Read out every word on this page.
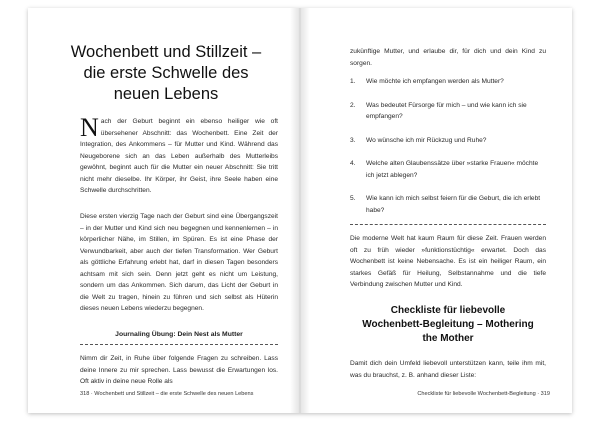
Wochenbett und Stillzeit –
die erste Schwelle des
neuen Lebens

Nach der Geburt beginnt ein ebenso heiliger wie oft übersehener Abschnitt: das Wochenbett. Eine Zeit der Integration, des Ankommens – für Mutter und Kind. Während das Neugeborene sich an das Leben außerhalb des Mutterleibs gewöhnt, beginnt auch für die Mutter ein neuer Abschnitt: Sie tritt nicht mehr dieselbe. Ihr Körper, ihr Geist, ihre Seele haben eine Schwelle durchschritten.

Diese ersten vierzig Tage nach der Geburt sind eine Übergangszeit – in der Mutter und Kind sich neu begegnen und kennenlernen – in körperlicher Nähe, im Stillen, im Spüren. Es ist eine Phase der Verwundbarkeit, aber auch der tiefen Transformation. Wer Geburt als göttliche Erfahrung erlebt hat, darf in diesen Tagen besonders achtsam mit sich sein. Denn jetzt geht es nicht um Leistung, sondern um das Ankommen. Sich darum, das Licht der Geburt in die Welt zu tragen, hinein zu führen und sich selbst als Hüterin dieses neuen Lebens wiederzu begegnen.

Journaling Übung: Dein Nest als Mutter

Nimm dir Zeit, in Ruhe über folgende Fragen zu schreiben. Lass deine Innere zu mir sprechen. Lass bewusst die Erwartungen los. Oft aktiv in deine neue Rolle als

318 · Wochenbett und Stillzeit – die erste Schwelle des neuen Lebens

zukünftige Mutter, und erlaube dir, für dich und dein Kind zu sorgen.

1. Wie möchte ich empfangen werden als Mutter?
2. Was bedeutet Fürsorge für mich – und wie kann ich sie empfangen?
3. Wo wünsche ich mir Rückzug und Ruhe?
4. Welche alten Glaubenssätze über »starke Frauen« möchte ich jetzt ablegen?
5. Wie kann ich mich selbst feiern für die Geburt, die ich erlebt habe?

Die moderne Welt hat kaum Raum für diese Zeit. Frauen werden oft zu früh wieder »funktionstüchtig« erwartet. Doch das Wochenbett ist keine Nebensache. Es ist ein heiliger Raum, ein starkes Gefäß für Heilung, Selbstannahme und die tiefe Verbindung zwischen Mutter und Kind.

Checkliste für liebevolle
Wochenbett-Begleitung – Mothering
the Mother

Damit dich dein Umfeld liebevoll unterstützen kann, teile ihm mit, was du brauchst, z. B. anhand dieser Liste:

Checkliste für liebevolle Wochenbett-Begleitung · 319
